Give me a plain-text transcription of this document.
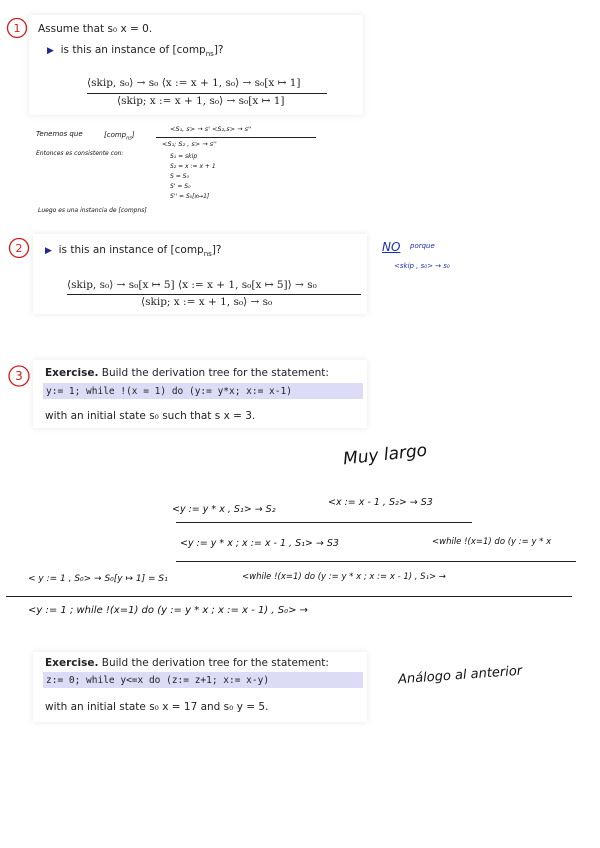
1 Assume that s₀ x = 0.
▶ is this an instance of [comp$_{ns}$]?
⟨skip, s₀⟩ → s₀ ⟨x := x + 1, s₀⟩ → s₀[x ↦ 1]
⟨skip; x := x + 1, s₀⟩ → s₀[x ↦ 1]
Tenemos que	[comp$_{ns}$]
<S₁, s> → s' <S₂,s> → s''
<S₁; S₂ , s> → s''
Entonces es consistente con:	S₁ = skip
S₂ = x := x + 1
S = S₀
S' = S₀
S'' = S₀[x↦1]
Luego es una instancia de [compns]
2	▶ is this an instance of [comp$_{ns}$]?
⟨skip, s₀⟩ → s₀[x ↦ 5] ⟨x := x + 1, s₀[x ↦ 5]⟩ → s₀
⟨skip; x := x + 1, s₀⟩ → s₀
NO porque
<skip , s₀> → s₀
3 Exercise. Build the derivation tree for the statement:
y:= 1; while !(x = 1) do (y:= y*x; x:= x-1)
with an initial state s₀ such that s x = 3.
Muy largo
<y := y * x , S₁> → S₂
<x := x - 1 , S₂> → S3
<y := y * x ; x := x - 1 , S₁> → S3	<while !(x=1) do (y := y * x
< y := 1 , S₀> → S₀[y ↦ 1] = S₁	<while !(x=1) do (y := y * x ; x := x - 1) , S₁> →
<y := 1 ; while !(x=1) do (y := y * x ; x := x - 1) , S₀> →
Exercise. Build the derivation tree for the statement:
z:= 0; while y<=x do (z:= z+1; x:= x-y)
with an initial state s₀ x = 17 and s₀ y = 5.
Análogo al anterior
